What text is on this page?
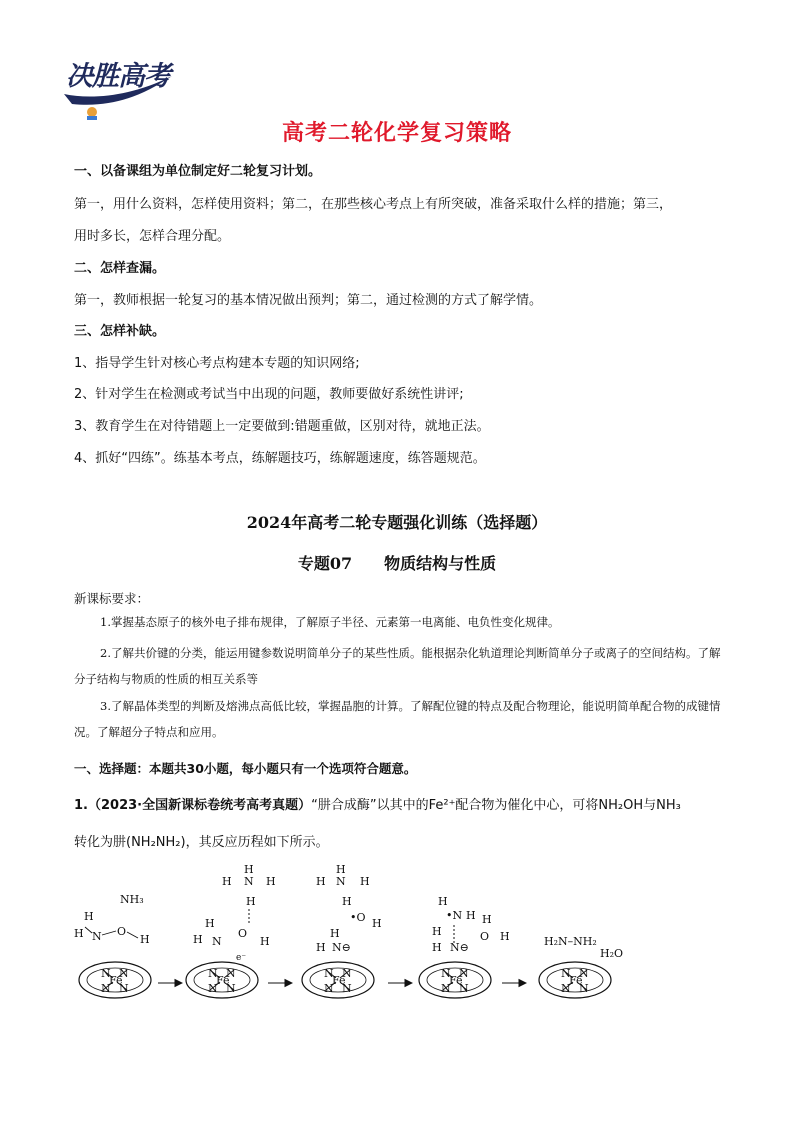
决胜高考
高考二轮化学复习策略
一、以备课组为单位制定好二轮复习计划。
第一，用什么资料，怎样使用资料；第二，在那些核心考点上有所突破，准备采取什么样的措施；第三，
用时多长，怎样合理分配。
二、怎样查漏。
第一，教师根据一轮复习的基本情况做出预判；第二，通过检测的方式了解学情。
三、怎样补缺。
1、指导学生针对核心考点构建本专题的知识网络;
2、针对学生在检测或考试当中出现的问题，教师要做好系统性讲评;
3、教育学生在对待错题上一定要做到:错题重做，区别对待，就地正法。
4、抓好“四练”。练基本考点，练解题技巧，练解题速度，练答题规范。
2024年高考二轮专题强化训练（选择题）
专题07　　物质结构与性质
新课标要求：
1.掌握基态原子的核外电子排布规律，了解原子半径、元素第一电离能、电负性变化规律。
2.了解共价键的分类，能运用键参数说明简单分子的某些性质。能根据杂化轨道理论判断简单分子或离子的空间结构。了解分子结构与物质的性质的相互关系等
3.了解晶体类型的判断及熔沸点高低比较，掌握晶胞的计算。了解配位键的特点及配合物理论，能说明简单配合物的成键情况。了解超分子特点和应用。
一、选择题：本题共30小题，每小题只有一个选项符合题意。
1.（2023·全国新课标卷统考高考真题）“肼合成酶”以其中的Fe²⁺配合物为催化中心，可将NH₂OH与NH₃
转化为肼(NH₂NH₂)，其反应历程如下所示。
N N
Fe
N N
NH₃
H
H N O
H
N N
Fe
N N
H N H
H
H
H
H N
O
H
e⁻
N N
Fe
N N
H N H
H
H
•O H
H
H N⊖
N N
Fe
N N
H
•N H H
O H
H
H N⊖
N N
Fe
N N
H₂N–NH₂
H₂O
